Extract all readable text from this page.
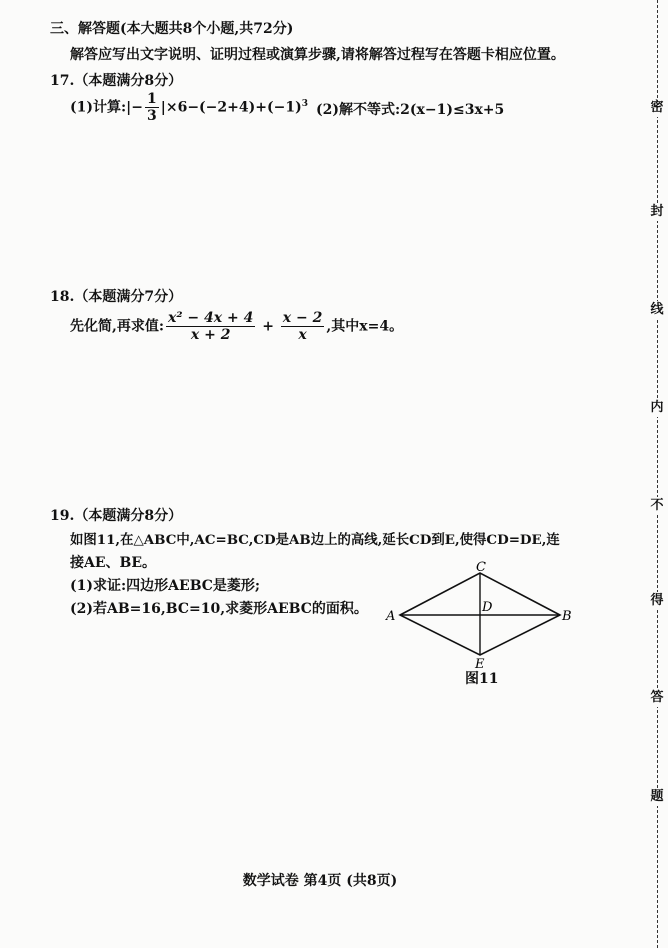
三、解答题(本大题共8个小题,共72分)
解答应写出文字说明、证明过程或演算步骤,请将解答过程写在答题卡相应位置。
17.（本题满分8分）
(1)计算:|− $\frac{1}{3} |\times 6-(-2+4)+(-1)^3$ (2)解不等式:2(x−1)≤3x+5
18.（本题满分7分）
先化简,再求值: $\frac{\text{x² − 4x + 4}}{x + 2} + \frac{x - 2}{x}$ ,其中x=4。
19.（本题满分8分）
如图11,在△ABC中,AC=BC,CD是AB边上的高线,延长CD到E,使得CD=DE,连
接AE、BE。
(1)求证:四边形AEBC是菱形;
(2)若AB=16,BC=10,求菱形AEBC的面积。 A	B
C
D
E
图11
数学试卷 第4页 (共8页)
密
封
线
内
不
得
答
题
